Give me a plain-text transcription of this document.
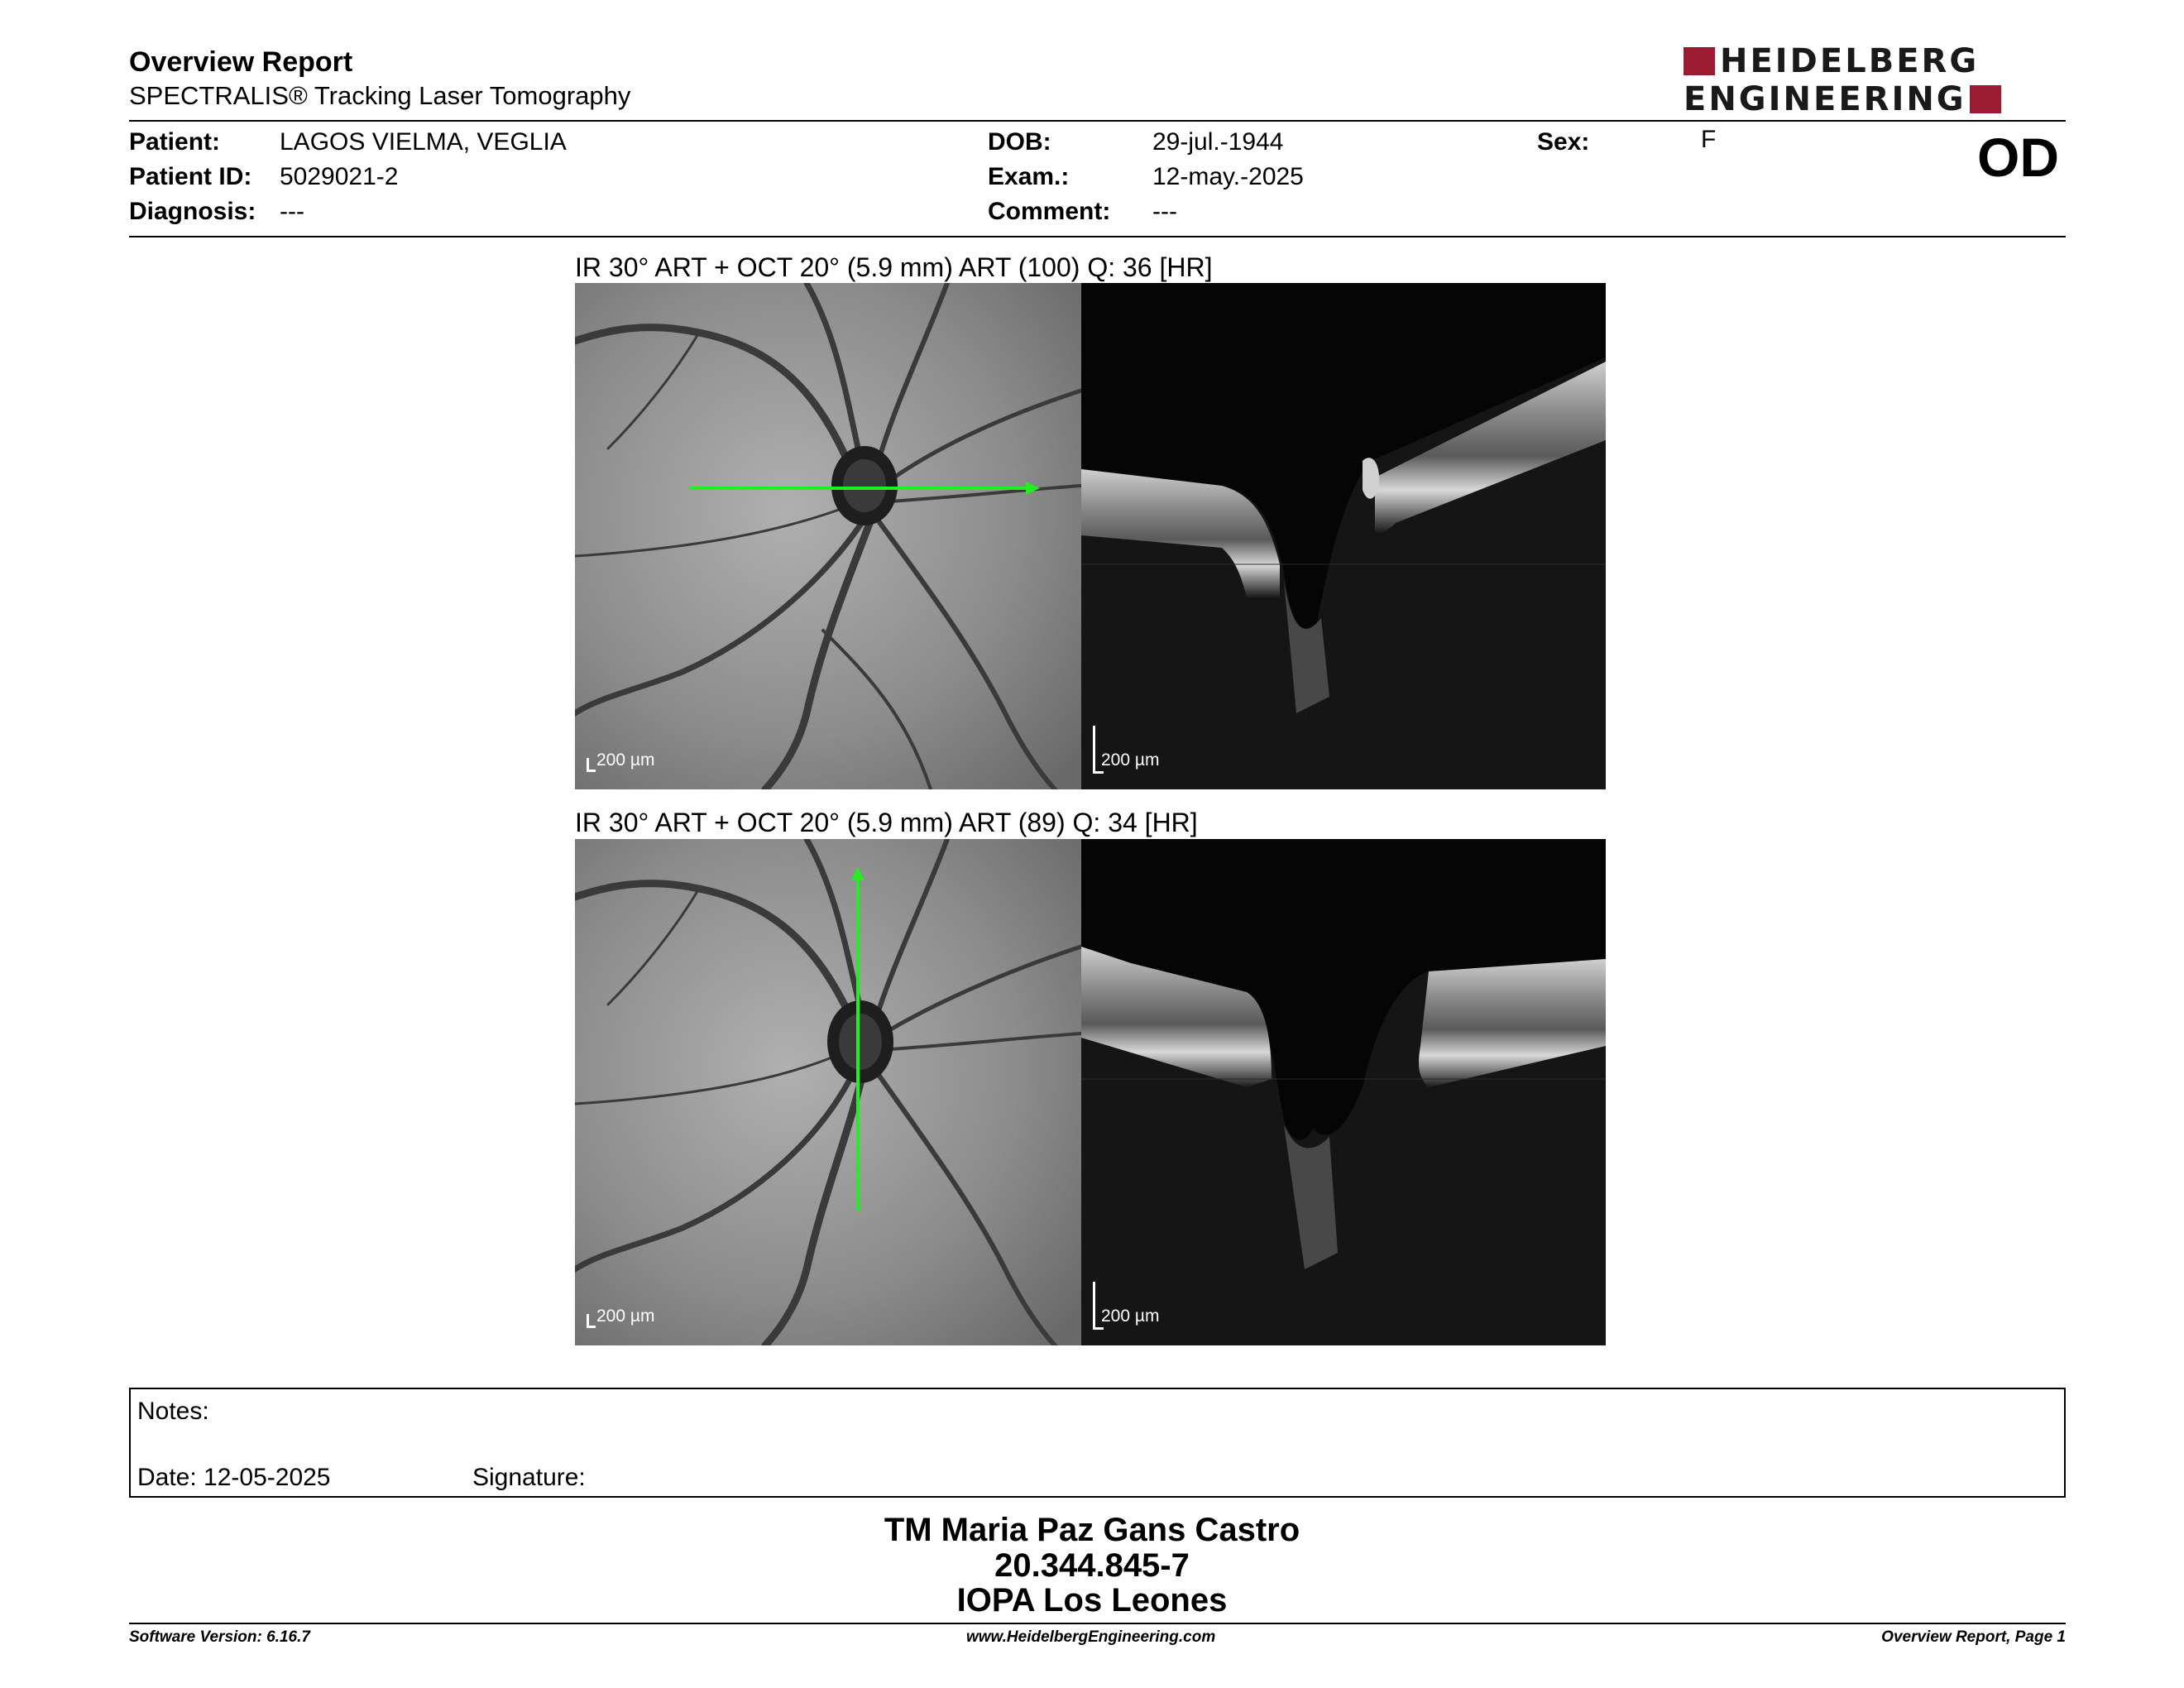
Overview Report
SPECTRALIS® Tracking Laser Tomography
HEIDELBERG
ENGINEERING
Patient: LAGOS VIELMA, VEGLIA
Patient ID: 5029021-2
Diagnosis: ---
DOB:	29-jul.-1944
Exam.:	12-may.-2025
Comment: ---
Sex:	F	OD
IR 30° ART + OCT 20° (5.9 mm) ART (100) Q: 36 [HR]
200 µm	200 µm
IR 30° ART + OCT 20° (5.9 mm) ART (89) Q: 34 [HR]
200 µm	200 µm
Notes:
Date: 12-05-2025	Signature:
TM Maria Paz Gans Castro
20.344.845-7
IOPA Los Leones
Software Version: 6.16.7	www.HeidelbergEngineering.com	Overview Report, Page 1
